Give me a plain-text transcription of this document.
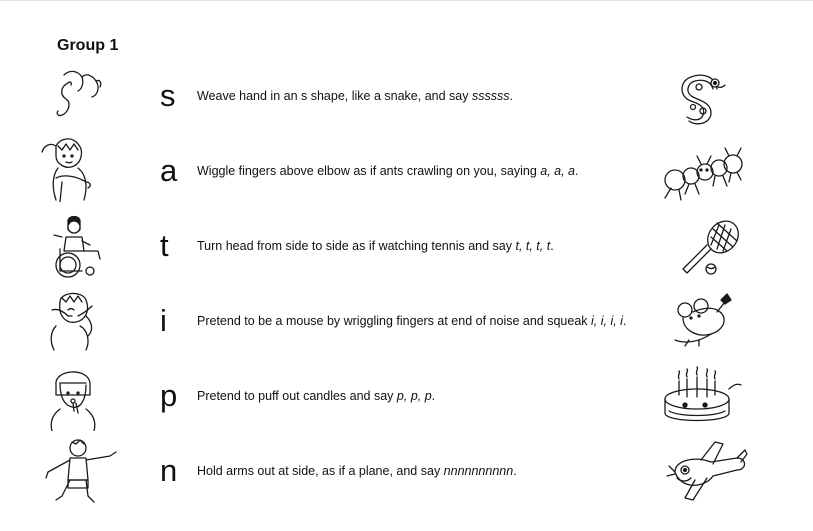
Group 1
s	Weave hand in an s shape, like a snake, and say ssssss.
a	Wiggle fingers above elbow as if ants crawling on you, saying a, a, a.
t	Turn head from side to side as if watching tennis and say t, t, t, t.
i	Pretend to be a mouse by wriggling fingers at end of noise and squeak i, i, i, i.
p	Pretend to puff out candles and say p, p, p.
n	Hold arms out at side, as if a plane, and say nnnnnnnnnn.
